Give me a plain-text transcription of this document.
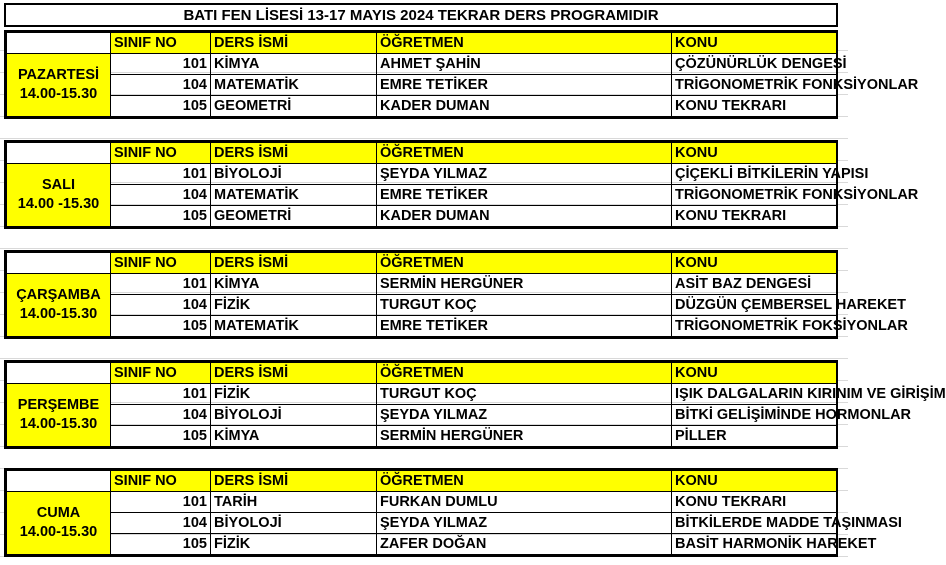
BATI FEN LİSESİ 13-17 MAYIS 2024 TEKRAR DERS PROGRAMIDIR
	SINIF NO	DERS İSMİ	ÖĞRETMEN	KONU	

PAZARTESİ
14.00-15.30	101	KİMYA	AHMET ŞAHİN	ÇÖZÜNÜRLÜK DENGESİ	
	104	MATEMATİK	EMRE TETİKER	TRİGONOMETRİK FONKSİYONLAR	
	105	GEOMETRİ	KADER DUMAN	KONU TEKRARI	
	SINIF NO	DERS İSMİ	ÖĞRETMEN	KONU	

SALI
14.00 -15.30	101	BİYOLOJİ	ŞEYDA YILMAZ	ÇİÇEKLİ BİTKİLERİN YAPISI	
	104	MATEMATİK	EMRE TETİKER	TRİGONOMETRİK FONKSİYONLAR	
	105	GEOMETRİ	KADER DUMAN	KONU TEKRARI	
	SINIF NO	DERS İSMİ	ÖĞRETMEN	KONU	

ÇARŞAMBA
14.00-15.30	101	KİMYA	SERMİN HERGÜNER	ASİT BAZ DENGESİ	
	104	FİZİK	TURGUT KOÇ	DÜZGÜN ÇEMBERSEL HAREKET	
	105	MATEMATİK	EMRE TETİKER	TRİGONOMETRİK FOKSİYONLAR	
	SINIF NO	DERS İSMİ	ÖĞRETMEN	KONU	

PERŞEMBE
14.00-15.30	101	FİZİK	TURGUT KOÇ	IŞIK DALGALARIN KIRINIM VE GİRİŞİM	
	104	BİYOLOJİ	ŞEYDA YILMAZ	BİTKİ GELİŞİMİNDE HORMONLAR	
	105	KİMYA	SERMİN HERGÜNER	PİLLER	
	SINIF NO	DERS İSMİ	ÖĞRETMEN	KONU	

CUMA
14.00-15.30	101	TARİH	FURKAN DUMLU	KONU TEKRARI	
	104	BİYOLOJİ	ŞEYDA YILMAZ	BİTKİLERDE MADDE TAŞINMASI	
	105	FİZİK	ZAFER DOĞAN	BASİT HARMONİK HAREKET	
